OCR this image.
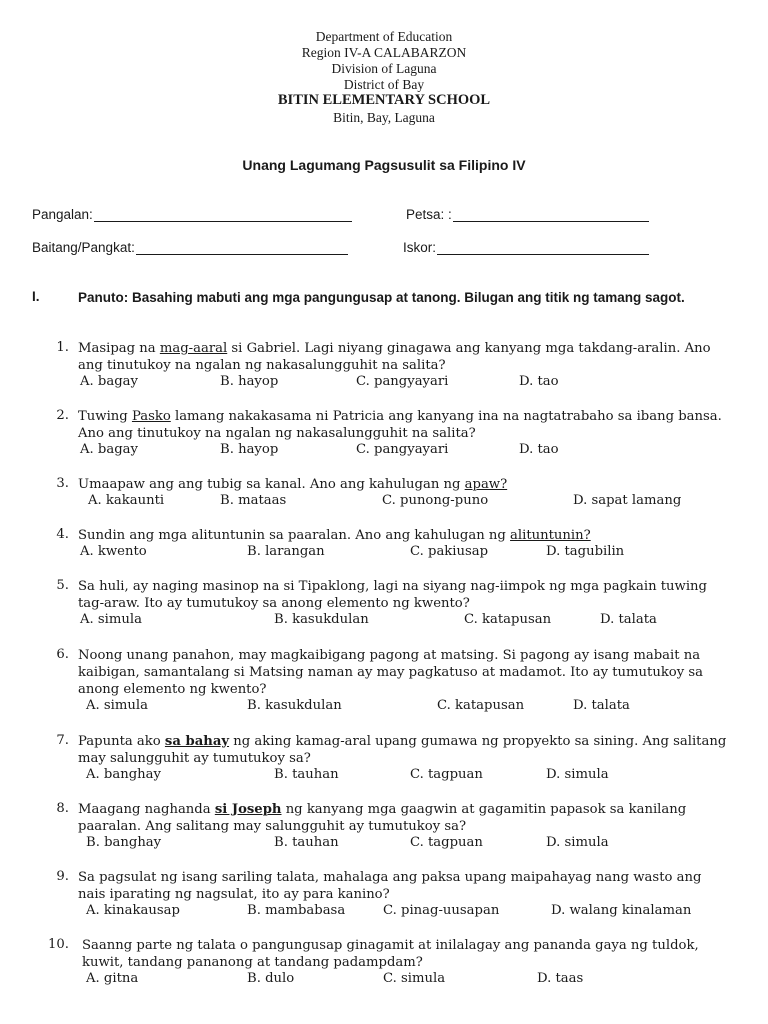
Department of Education
Region IV-A CALABARZON
Division of Laguna
District of Bay
BITIN ELEMENTARY SCHOOL
Bitin, Bay, Laguna
Unang Lagumang Pagsusulit sa Filipino IV
Pangalan:	Petsa: :
Baitang/Pangkat:	Iskor:
I.	Panuto: Basahing mabuti ang mga pangungusap at tanong. Bilugan ang titik ng tamang sagot.
1. Masipag na mag-aaral si Gabriel. Lagi niyang ginagawa ang kanyang mga takdang-aralin. Ano ang tinutukoy na ngalan ng nakasalungguhit na salita?
A. bagay	B. hayop	C. pangyayari	D. tao
2. Tuwing Pasko lamang nakakasama ni Patricia ang kanyang ina na nagtatrabaho sa ibang bansa. Ano ang tinutukoy na ngalan ng nakasalungguhit na salita?
A. bagay	B. hayop	C. pangyayari	D. tao
3. Umaapaw ang ang tubig sa kanal. Ano ang kahulugan ng apaw?
A. kakaunti	B. mataas	C. punong-puno	D. sapat lamang
4. Sundin ang mga alituntunin sa paaralan. Ano ang kahulugan ng alituntunin?
A. kwento	B. larangan	C. pakiusap	D. tagubilin
5. Sa huli, ay naging masinop na si Tipaklong, lagi na siyang nag-iimpok ng mga pagkain tuwing tag-araw. Ito ay tumutukoy sa anong elemento ng kwento?
A. simula	B. kasukdulan	C. katapusan	D. talata
6. Noong unang panahon, may magkaibigang pagong at matsing. Si pagong ay isang mabait na kaibigan, samantalang si Matsing naman ay may pagkatuso at madamot. Ito ay tumutukoy sa anong elemento ng kwento?
A. simula	B. kasukdulan	C. katapusan	D. talata
7. Papunta ako sa bahay ng aking kamag-aral upang gumawa ng propyekto sa sining. Ang salitang may salungguhit ay tumutukoy sa?
A. banghay	B. tauhan	C. tagpuan	D. simula
8. Maagang naghanda si Joseph ng kanyang mga gaagwin at gagamitin papasok sa kanilang paaralan. Ang salitang may salungguhit ay tumutukoy sa?
B. banghay	B. tauhan	C. tagpuan	D. simula
9. Sa pagsulat ng isang sariling talata, mahalaga ang paksa upang maipahayag nang wasto ang nais iparating ng nagsulat, ito ay para kanino?
A. kinakausap	B. mambabasa	C. pinag-uusapan	D. walang kinalaman
10. Saanng parte ng talata o pangungusap ginagamit at inilalagay ang pananda gaya ng tuldok, kuwit, tandang pananong at tandang padampdam?
A. gitna	B. dulo	C. simula	D. taas
